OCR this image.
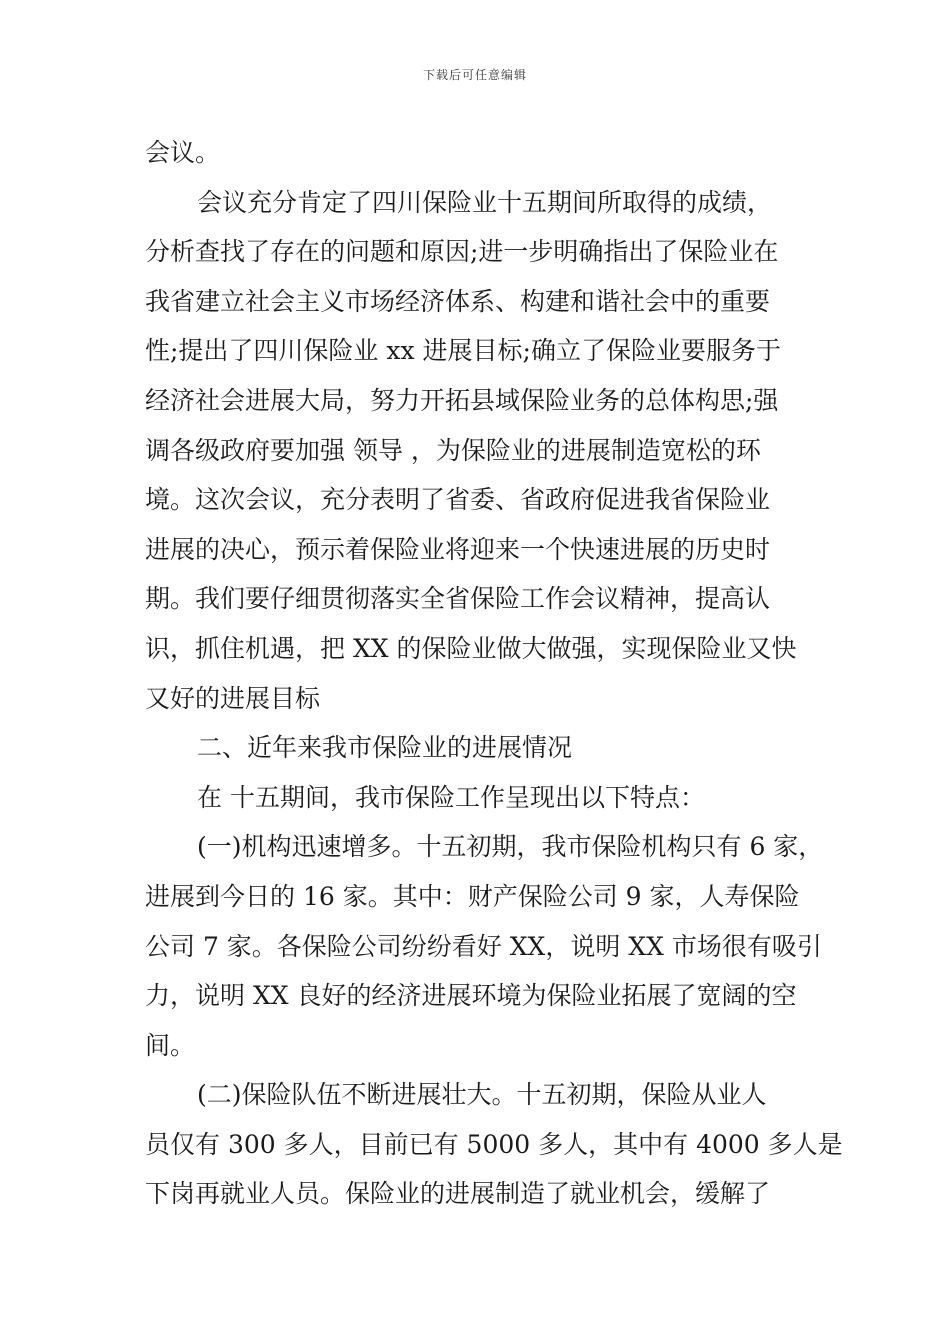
下载后可任意编辑
会议。
会议充分肯定了四川保险业十五期间所取得的成绩，
分析查找了存在的问题和原因;进一步明确指出了保险业在
我省建立社会主义市场经济体系、构建和谐社会中的重要
性;提出了四川保险业 xx 进展目标;确立了保险业要服务于
经济社会进展大局，努力开拓县域保险业务的总体构思;强
调各级政府要加强 领导 ，为保险业的进展制造宽松的环
境。这次会议，充分表明了省委、省政府促进我省保险业
进展的决心，预示着保险业将迎来一个快速进展的历史时
期。我们要仔细贯彻落实全省保险工作会议精神，提高认
识，抓住机遇，把 XX 的保险业做大做强，实现保险业又快
又好的进展目标
二、近年来我市保险业的进展情况
在 十五期间，我市保险工作呈现出以下特点：
(一)机构迅速增多。十五初期，我市保险机构只有 6 家，
进展到今日的 16 家。其中：财产保险公司 9 家，人寿保险
公司 7 家。各保险公司纷纷看好 XX，说明 XX 市场很有吸引
力，说明 XX 良好的经济进展环境为保险业拓展了宽阔的空
间。
(二)保险队伍不断进展壮大。十五初期，保险从业人
员仅有 300 多人，目前已有 5000 多人，其中有 4000 多人是
下岗再就业人员。保险业的进展制造了就业机会，缓解了
